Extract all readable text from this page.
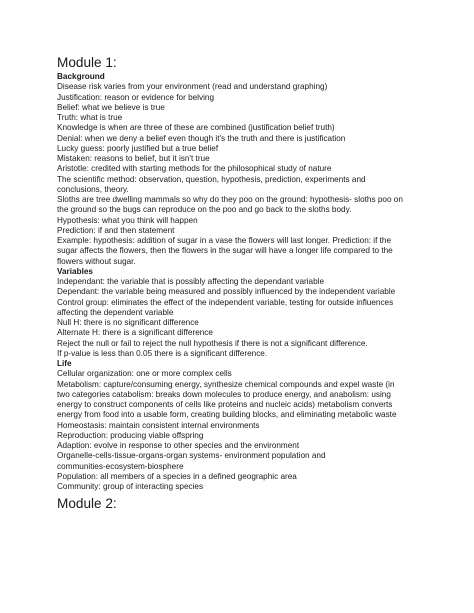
Module 1:

Background

Disease risk varies from your environment (read and understand graphing)

Justification: reason or evidence for belving

Belief: what we believe is true

Truth: what is true

Knowledge is when are three of these are combined (justification belief truth)

Denial: when we deny a belief even though it's the truth and there is justification

Lucky guess: poorly justified but a true belief

Mistaken: reasons to belief, but it isn't true

Aristotle: credited with starting methods for the philosophical study of nature

The scientific method: observation, question, hypothesis, prediction, experiments and

conclusions, theory.

Sloths are tree dwelling mammals so why do they poo on the ground: hypothesis- sloths poo on

the ground so the bugs can reproduce on the poo and go back to the sloths body.

Hypothesis: what you think will happen

Prediction: if and then statement

Example: hypothesis: addition of sugar in a vase the flowers will last longer. Prediction: if the

sugar affects the flowers, then the flowers in the sugar will have a longer life compared to the

flowers without sugar.

Variables

Independant: the variable that is possibly affecting the dependant variable

Dependant: the variable being measured and possibly influenced by the independent variable

Control group: eliminates the effect of the independent variable, testing for outside influences

affecting the dependent variable

Null H: there is no significant difference

Alternate H: there is a significant difference

Reject the null or fail to reject the null hypothesis if there is not a significant difference.

If p-value is less than 0.05 there is a significant difference.

Life

Cellular organization: one or more complex cells

Metabolism: capture/consuming energy, synthesize chemical compounds and expel waste (in

two categories catabolism: breaks down molecules to produce energy, and anabolism: using

energy to construct components of cells like proteins and nucleic acids) metabolism converts

energy from food into a usable form, creating building blocks, and eliminating metabolic waste

Homeostasis: maintain consistent internal environments

Reproduction: producing viable offspring

Adaption: evolve in response to other species and the environment

Organelle-cells-tissue-organs-organ systems- environment population and

communities-ecosystem-biosphere

Population: all members of a species in a defined geographic area

Community: group of interacting species

Module 2:
